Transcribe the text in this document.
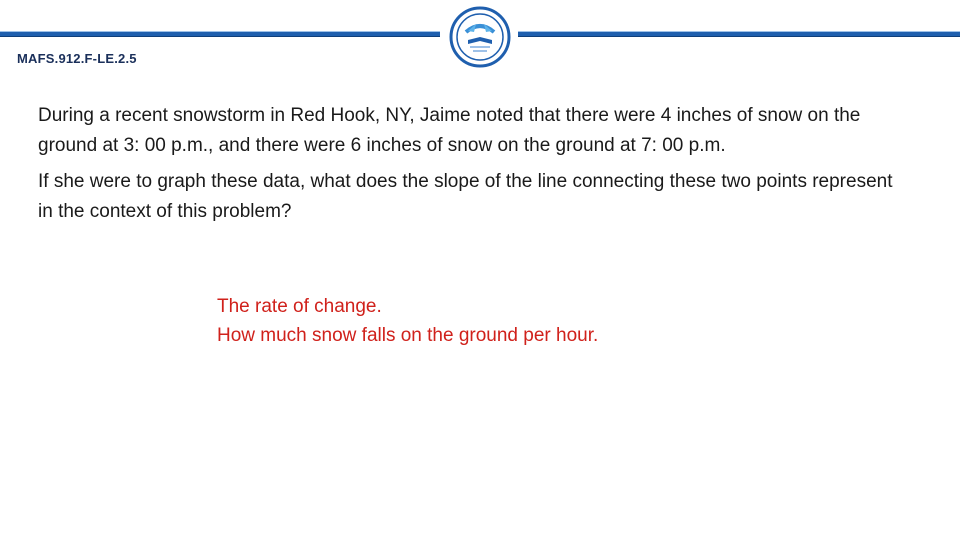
MAFS.912.F-LE.2.5

During a recent snowstorm in Red Hook, NY, Jaime noted that there were 4 inches of snow on the ground at 3: 00 p.m., and there were 6 inches of snow on the ground at 7: 00 p.m.

If she were to graph these data, what does the slope of the line connecting these two points represent in the context of this problem?

The rate of change.
How much snow falls on the ground per hour.
